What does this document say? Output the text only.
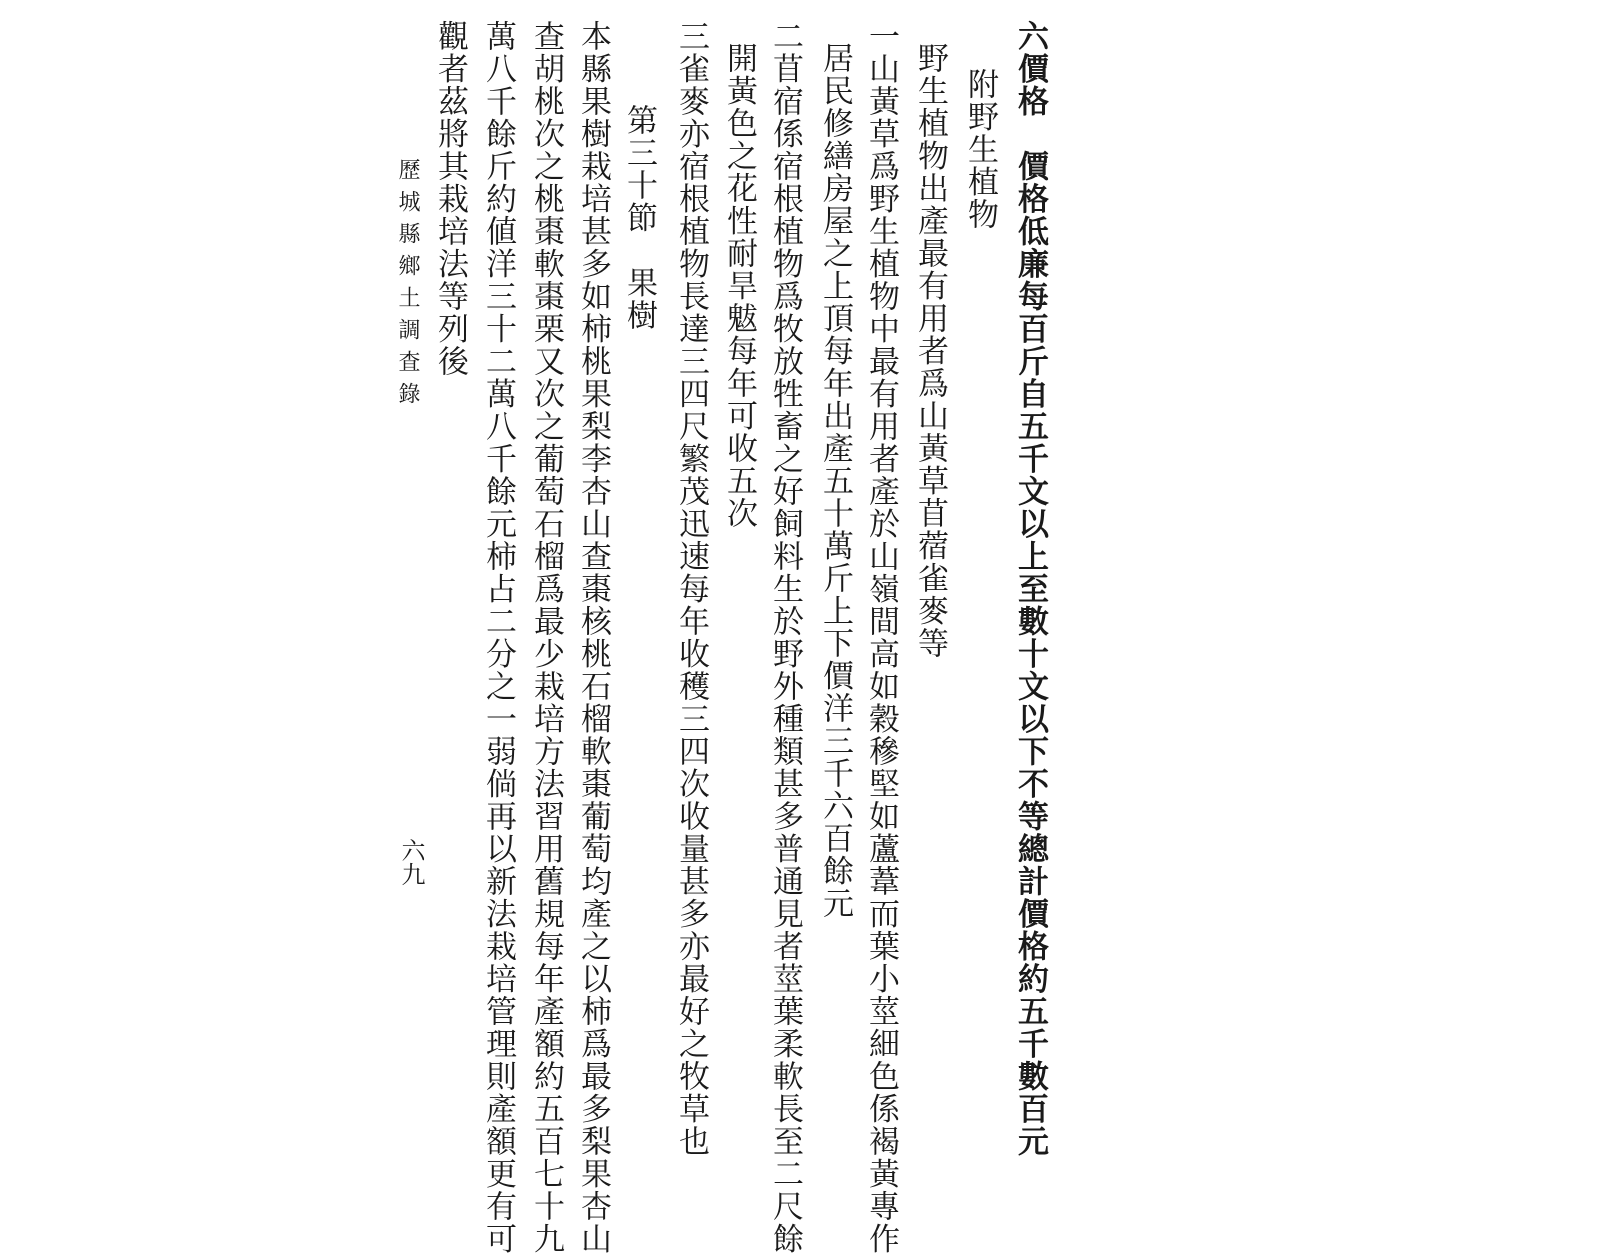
六價格　價格低廉每百斤自五千文以上至數十文以下不等總計價格約五千數百元
附野生植物
野生植物出產最有用者爲山黃草苜蓿雀麥等
一山黃草爲野生植物中最有用者產於山嶺間高如穀穇堅如蘆葦而葉小莖細色係褐黃專作
居民修繕房屋之上頂每年出產五十萬斤上下價洋三千六百餘元
二苜宿係宿根植物爲牧放牲畜之好飼料生於野外種類甚多普通見者莖葉柔軟長至二尺餘
開黃色之花性耐旱魃每年可收五次
三雀麥亦宿根植物長達三四尺繁茂迅速每年收穫三四次收量甚多亦最好之牧草也
第三十節　果樹
本縣果樹栽培甚多如柿桃果梨李杏山查棗核桃石榴軟棗葡萄均產之以柿爲最多梨果杏山
查胡桃次之桃棗軟棗栗又次之葡萄石榴爲最少栽培方法習用舊規每年產額約五百七十九
萬八千餘斤約値洋三十二萬八千餘元柿占二分之一弱倘再以新法栽培管理則產額更有可
觀者茲將其栽培法等列後
歷城縣鄉土調査錄
六九
